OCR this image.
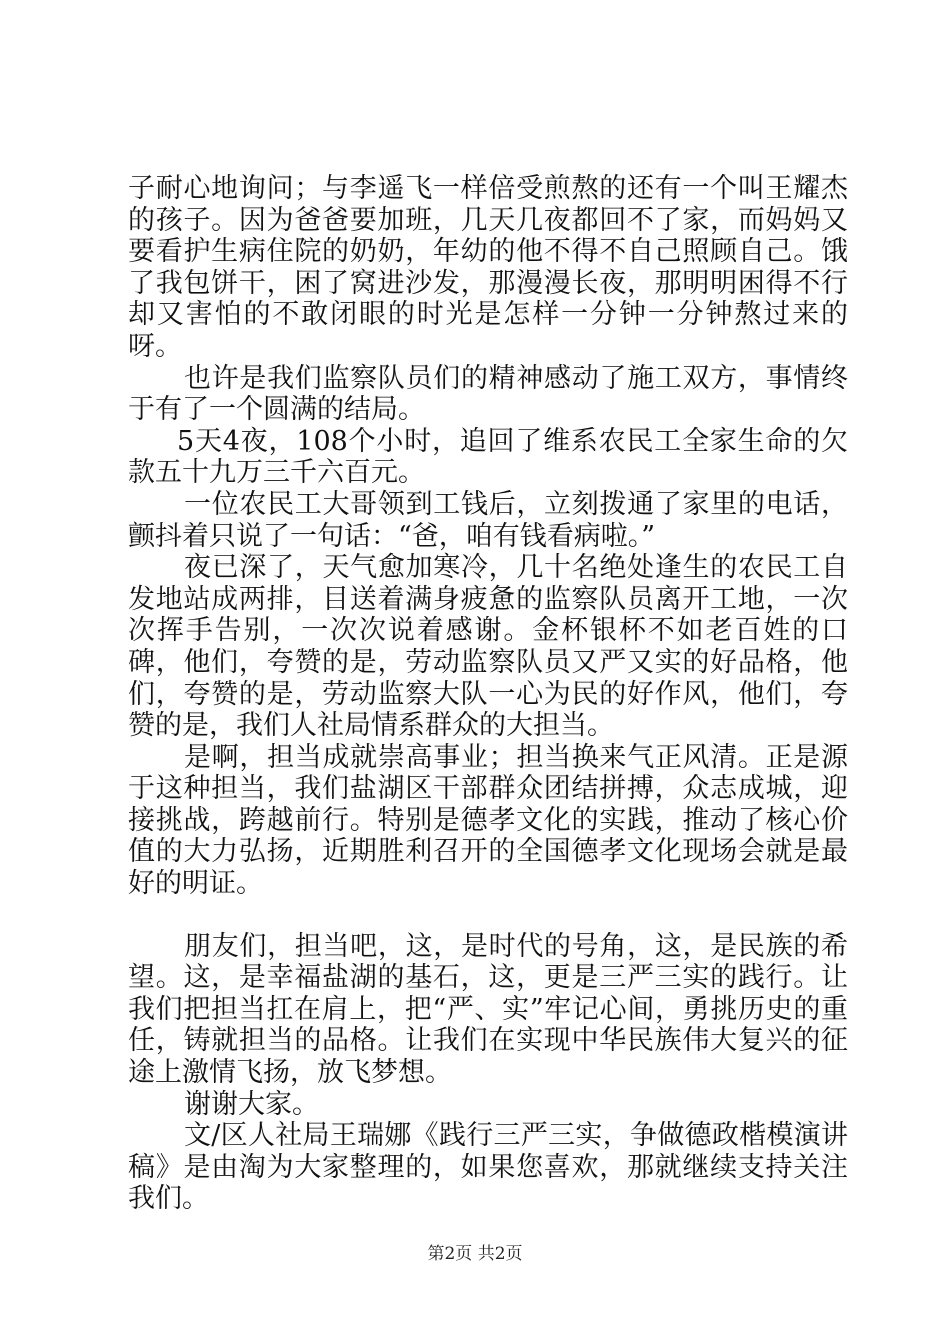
子耐心地询问；与李遥飞一样倍受煎熬的还有一个叫王耀杰的孩子。因为爸爸要加班，几天几夜都回不了家，而妈妈又要看护生病住院的奶奶，年幼的他不得不自己照顾自己。饿了我包饼干，困了窝进沙发，那漫漫长夜，那明明困得不行却又害怕的不敢闭眼的时光是怎样一分钟一分钟熬过来的呀。

也许是我们监察队员们的精神感动了施工双方，事情终于有了一个圆满的结局。

5天4夜，108个小时，追回了维系农民工全家生命的欠款五十九万三千六百元。

一位农民工大哥领到工钱后，立刻拨通了家里的电话，颤抖着只说了一句话：“爸，咱有钱看病啦。”

夜已深了，天气愈加寒冷，几十名绝处逢生的农民工自发地站成两排，目送着满身疲惫的监察队员离开工地，一次次挥手告别，一次次说着感谢。金杯银杯不如老百姓的口碑，他们，夸赞的是，劳动监察队员又严又实的好品格，他们，夸赞的是，劳动监察大队一心为民的好作风，他们，夸赞的是，我们人社局情系群众的大担当。

是啊，担当成就崇高事业；担当换来气正风清。正是源于这种担当，我们盐湖区干部群众团结拼搏，众志成城，迎接挑战，跨越前行。特别是德孝文化的实践，推动了核心价值的大力弘扬，近期胜利召开的全国德孝文化现场会就是最好的明证。

朋友们，担当吧，这，是时代的号角，这，是民族的希望。这，是幸福盐湖的基石，这，更是三严三实的践行。让我们把担当扛在肩上，把“严、实”牢记心间，勇挑历史的重任，铸就担当的品格。让我们在实现中华民族伟大复兴的征途上激情飞扬，放飞梦想。

谢谢大家。

文/区人社局王瑞娜《践行三严三实，争做德政楷模演讲稿》是由淘为大家整理的，如果您喜欢，那就继续支持关注我们。

第2页 共2页
